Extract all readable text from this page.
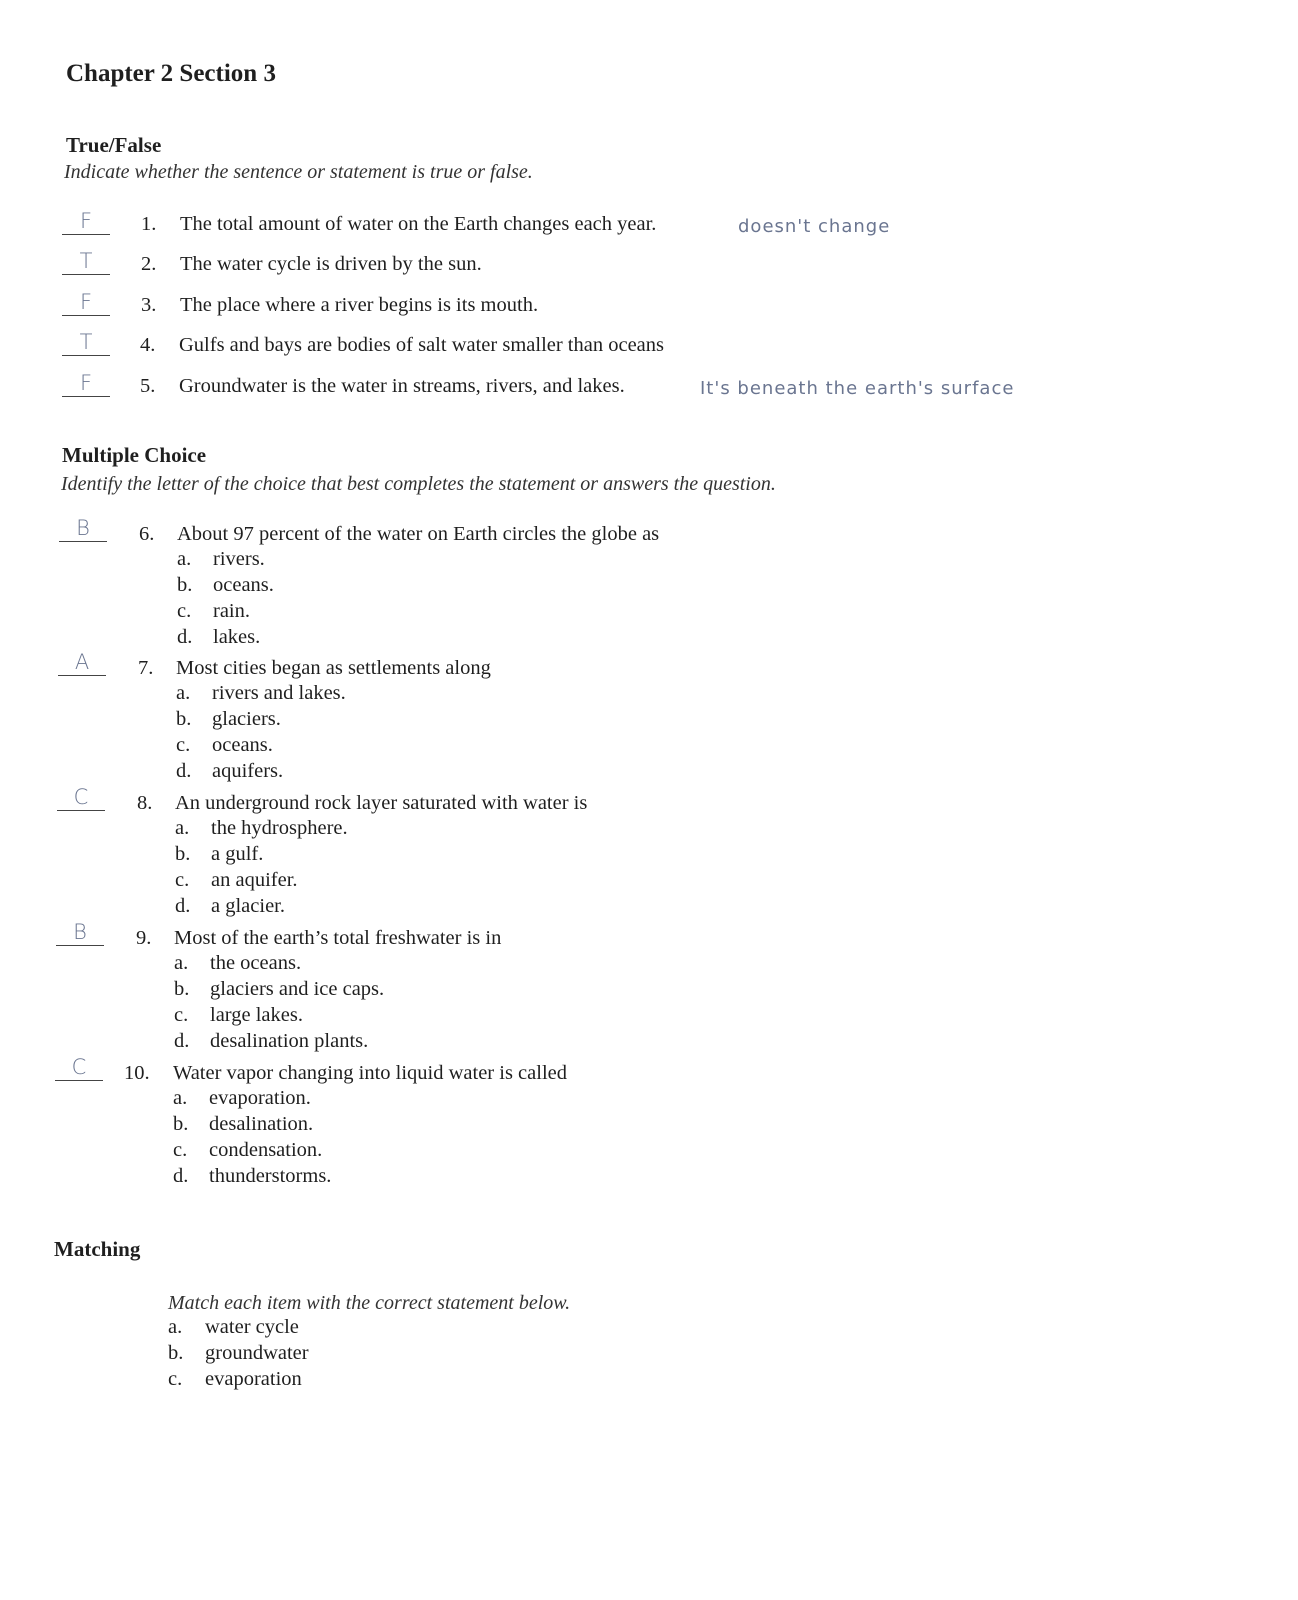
Chapter 2 Section 3
True/False
Indicate whether the sentence or statement is true or false.
F	1. The total amount of water on the Earth changes each year.	doesn't change
T	2. The water cycle is driven by the sun.
F	3. The place where a river begins is its mouth.
T	4. Gulfs and bays are bodies of salt water smaller than oceans
F	5. Groundwater is the water in streams, rivers, and lakes.	It's beneath the earth's surface
Multiple Choice
Identify the letter of the choice that best completes the statement or answers the question.
B	6. About 97 percent of the water on Earth circles the globe as
a. rivers.
b. oceans.
c. rain.
d. lakes.
A	7. Most cities began as settlements along
a. rivers and lakes.
b. glaciers.
c. oceans.
d. aquifers.
C	8. An underground rock layer saturated with water is
a. the hydrosphere.
b. a gulf.
c. an aquifer.
d. a glacier.
B	9. Most of the earth’s total freshwater is in
a. the oceans.
b. glaciers and ice caps.
c. large lakes.
d. desalination plants.
C	10. Water vapor changing into liquid water is called
a. evaporation.
b. desalination.
c. condensation.
d. thunderstorms.
Matching
Match each item with the correct statement below.
a. water cycle
b. groundwater
c. evaporation
